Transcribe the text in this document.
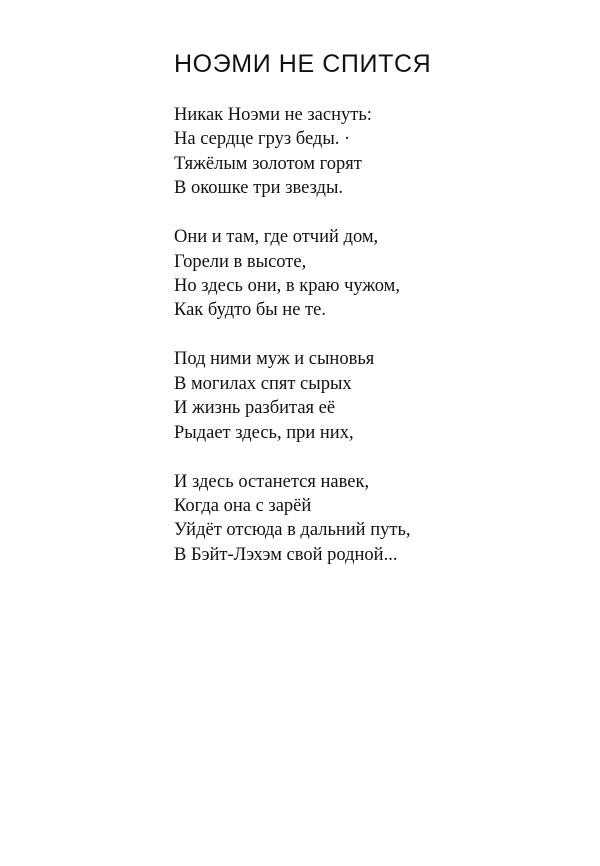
НОЭМИ НЕ СПИТСЯ
Никак Ноэми не заснуть:
На сердце груз беды. ·
Тяжёлым золотом горят
В окошке три звезды.
Они и там, где отчий дом,
Горели в высоте,
Но здесь они, в краю чужом,
Как будто бы не те.
Под ними муж и сыновья
В могилах спят сырых
И жизнь разбитая её
Рыдает здесь, при них,
И здесь останется навек,
Когда она с зарёй
Уйдёт отсюда в дальний путь,
В Бэйт-Лэхэм свой родной...
